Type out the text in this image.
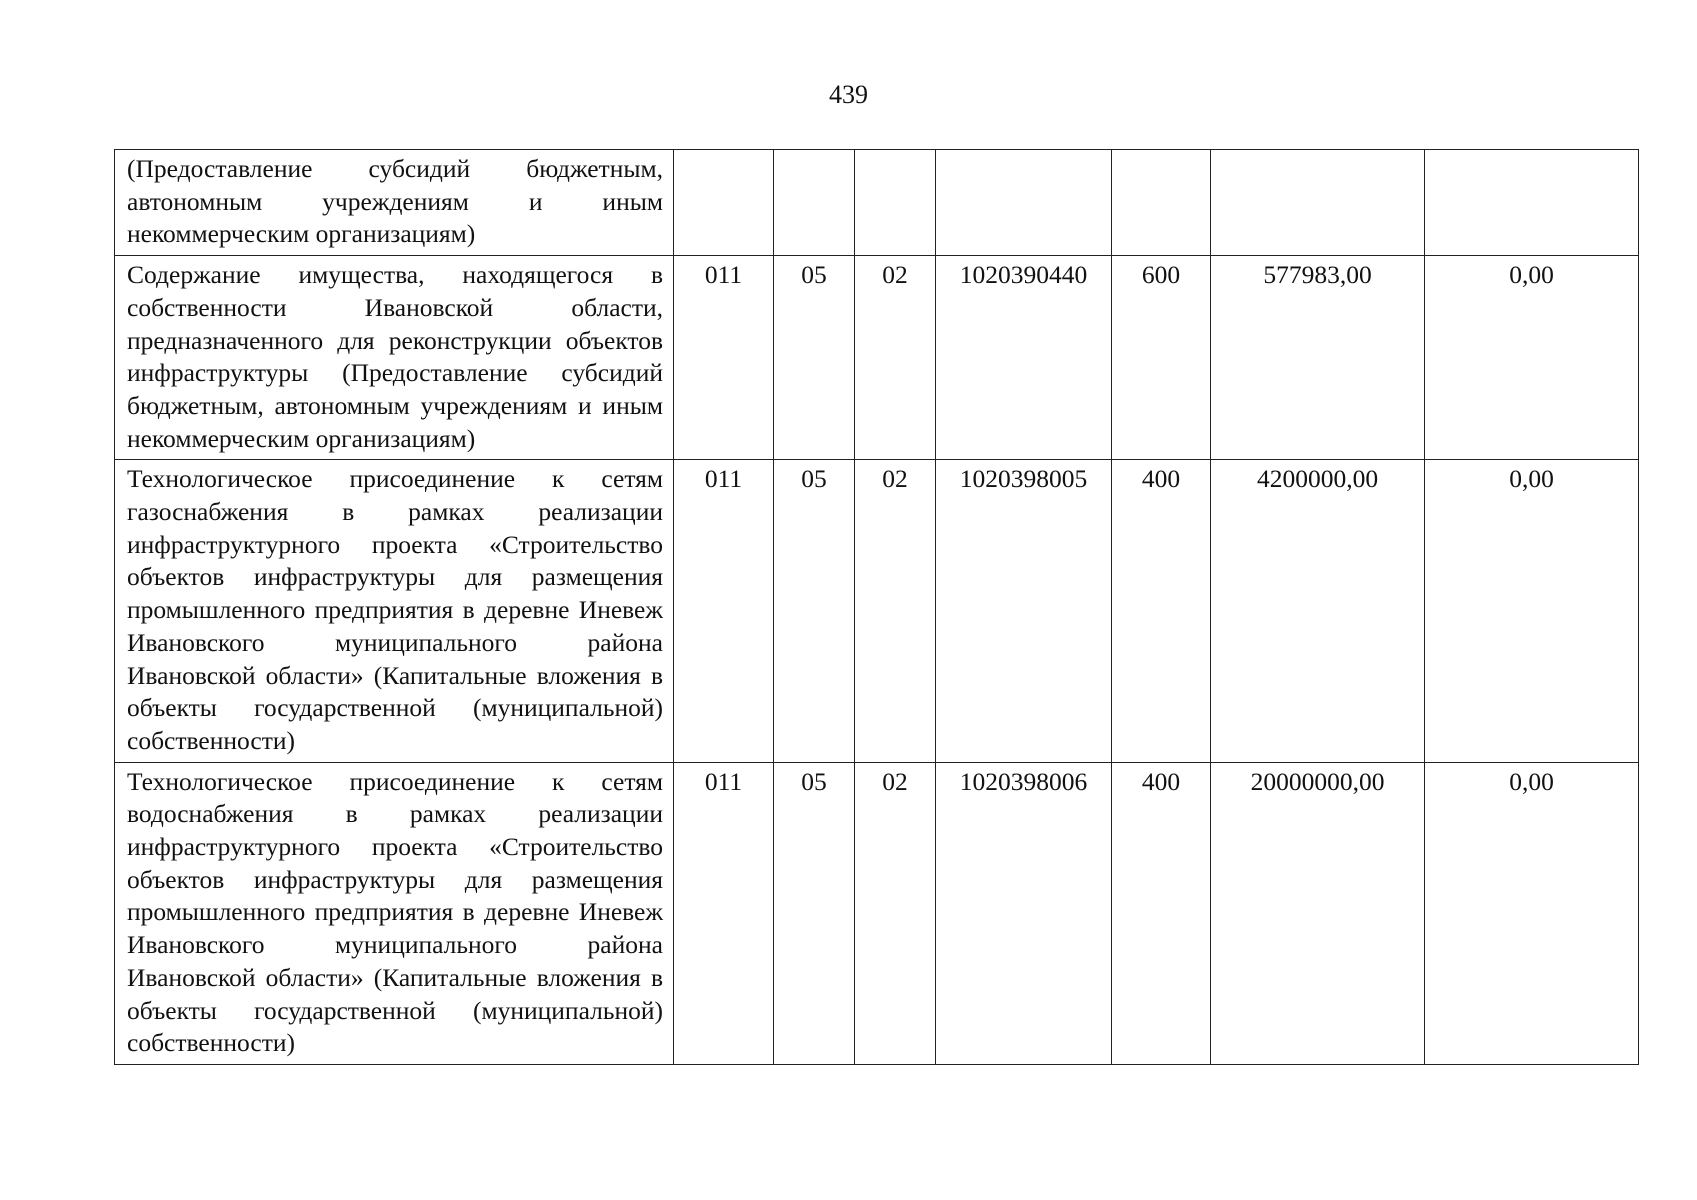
439
(Предоставление субсидий бюджетным, автономным учреждениям и иным некоммерческим организациям)							
Содержание имущества, находящегося в собственности Ивановской области, предназначенного для реконструкции объектов инфраструктуры (Предоставление субсидий бюджетным, автономным учреждениям и иным некоммерческим организациям)	011	05	02	1020390440	600	577983,00	0,00
Технологическое присоединение к сетям газоснабжения в рамках реализации инфраструктурного проекта «Строительство объектов инфраструктуры для размещения промышленного предприятия в деревне Иневеж Ивановского муниципального района Ивановской области» (Капитальные вложения в объекты государственной (муниципальной) собственности)	011	05	02	1020398005	400	4200000,00	0,00
Технологическое присоединение к сетям водоснабжения в рамках реализации инфраструктурного проекта «Строительство объектов инфраструктуры для размещения промышленного предприятия в деревне Иневеж Ивановского муниципального района Ивановской области» (Капитальные вложения в объекты государственной (муниципальной) собственности)	011	05	02	1020398006	400	20000000,00	0,00
